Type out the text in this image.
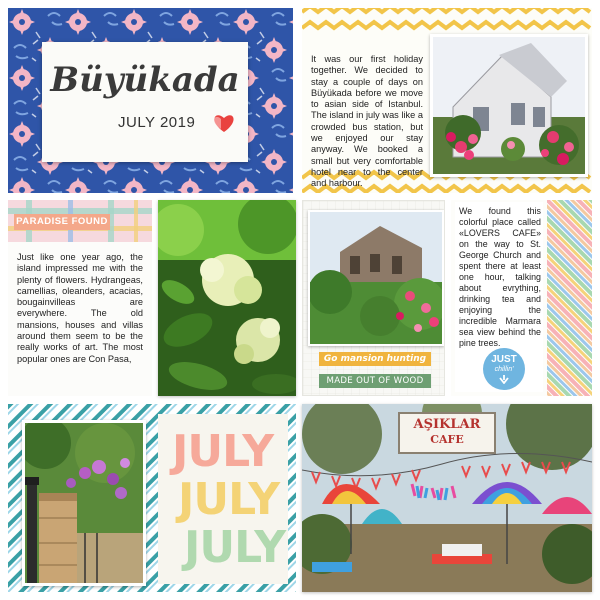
Büyükada
JULY 2019
It was our first holiday together. We decided to stay a couple of days on Büyükada before we move to asian side of Istanbul. The island in july was like a crowded bus station, but we enjoyed our stay anyway. We booked a small but very comfortable hotel near to the center and harbour.
PARADISE FOUND
Just like one year ago, the island impressed me with the plenty of flowers. Hydrangeas, camellias, oleanders, acacias, bougainvilleas are everywhere. The old mansions, houses and villas around them seem to be the really works of art. The most popular ones are Con Pasa,	Go mansion hunting
MADE OUT OF WOOD
We found this colorful place called «LOVERS CAFE» on the way to St. George Church and spent there at least one hour, talking about evrything, drinking tea and enjoying the incredible Marmara sea view behind the pine trees.
JUST
chillin'
JULY
JULY
JULY
AŞIKLAR
CAFE
